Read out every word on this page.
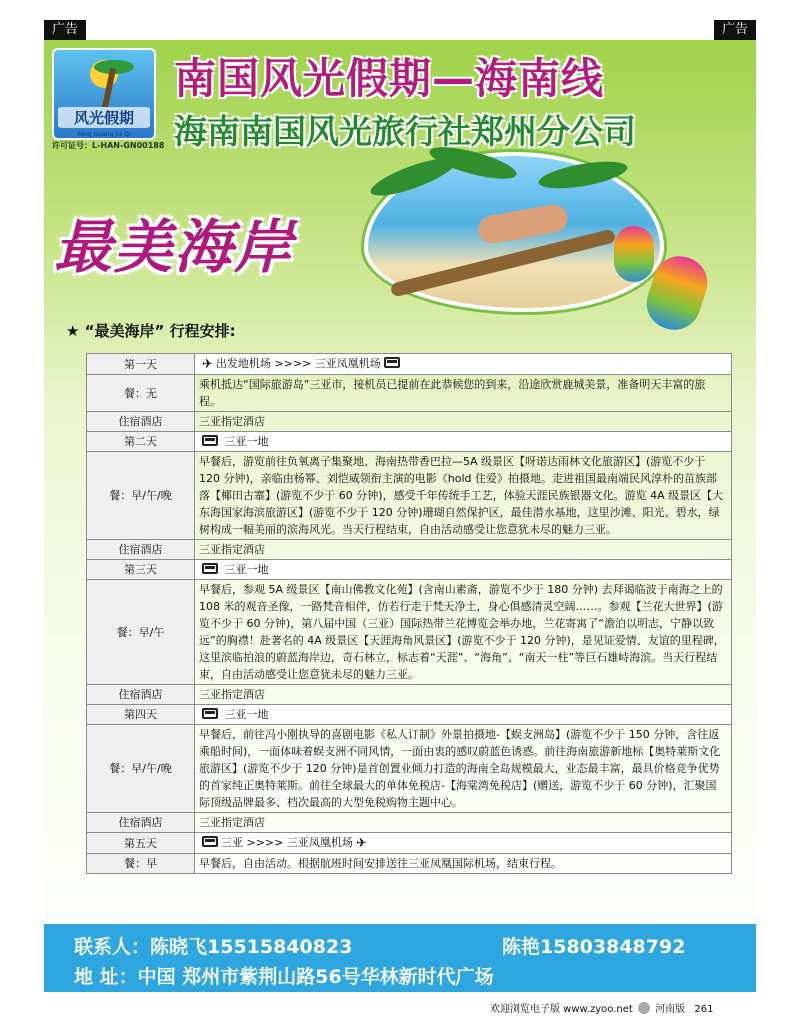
广告	广告
风光假期
Feng Guang Jia Qi
许可证号：L-HAN-GN00188
南国风光假期—海南线
海南南国风光旅行社郑州分公司
最美海岸
★ “最美海岸” 行程安排:
第一天	✈ 出发地机场 >>>> 三亚凤凰机场
餐：无	乘机抵达“国际旅游岛”三亚市，接机员已提前在此恭候您的到来，沿途欣赏鹿城美景，准备明天丰富的旅程。
住宿酒店	三亚指定酒店
第二天	三亚一地
餐：早/午/晚	早餐后，游览前往负氧离子集聚地、海南热带香巴拉—5A 级景区【呀诺达雨林文化旅游区】(游览不少于 120 分钟)，亲临由杨幂、刘恺威领衔主演的电影《hold 住爱》拍摄地。走进祖国最南端民风淳朴的苗族部落【椰田古寨】(游览不少于 60 分钟)，感受千年传统手工艺，体验天涯民族银器文化。游览 4A 级景区【大东海国家海滨旅游区】(游览不少于 120 分钟)珊瑚自然保护区，最佳潜水基地，这里沙滩、阳光、碧水，绿树构成一幅美丽的滨海风光。当天行程结束，自由活动感受让您意犹未尽的魅力三亚。
住宿酒店	三亚指定酒店
第三天	三亚一地
餐：早/午	早餐后，参观 5A 级景区【南山佛教文化苑】(含南山素斋，游览不少于 180 分钟) 去拜谒临波于南海之上的 108 米的观音圣像，一路梵音相伴，仿若行走于梵天净土，身心俱感清灵空阔……。参观【兰花大世界】(游览不少于 60 分钟)，第八届中国（三亚）国际热带兰花博览会举办地，兰花寄寓了“澹泊以明志，宁静以致远”的胸襟！赴著名的 4A 级景区【天涯海角风景区】(游览不少于 120 分钟)，是见证爱情、友谊的里程碑，这里滨临拍浪的蔚蓝海岸边，奇石林立，标志着“天涯”、“海角”、“南天一柱”等巨石雄峙海滨。当天行程结束，自由活动感受让您意犹未尽的魅力三亚。
住宿酒店	三亚指定酒店
第四天	三亚一地
餐：早/午/晚	早餐后，前往冯小刚执导的喜剧电影《私人订制》外景拍摄地-【蜈支洲岛】(游览不少于 150 分钟，含往返乘船时间)，一面体味着蜈支洲不同风情，一面由衷的感叹蔚蓝色诱惑。前往海南旅游新地标【奥特莱斯文化旅游区】(游览不少于 120 分钟)是首创置业倾力打造的海南全岛规模最大，业态最丰富，最具价格竞争优势的首家纯正奥特莱斯。前往全球最大的单体免税店-【海棠湾免税店】(赠送，游览不少于 60 分钟)，汇聚国际顶级品牌最多、档次最高的大型免税购物主题中心。
住宿酒店	三亚指定酒店
第五天	三亚 >>>> 三亚凤凰机场 ✈
餐：早	早餐后，自由活动。根据航班时间安排送往三亚凤凰国际机场，结束行程。
联系人：陈晓飞15515840823	陈艳15803848792
地 址：中国 郑州市紫荆山路56号华林新时代广场
欢迎浏览电子版 www.zyoo.net 河南版 261
